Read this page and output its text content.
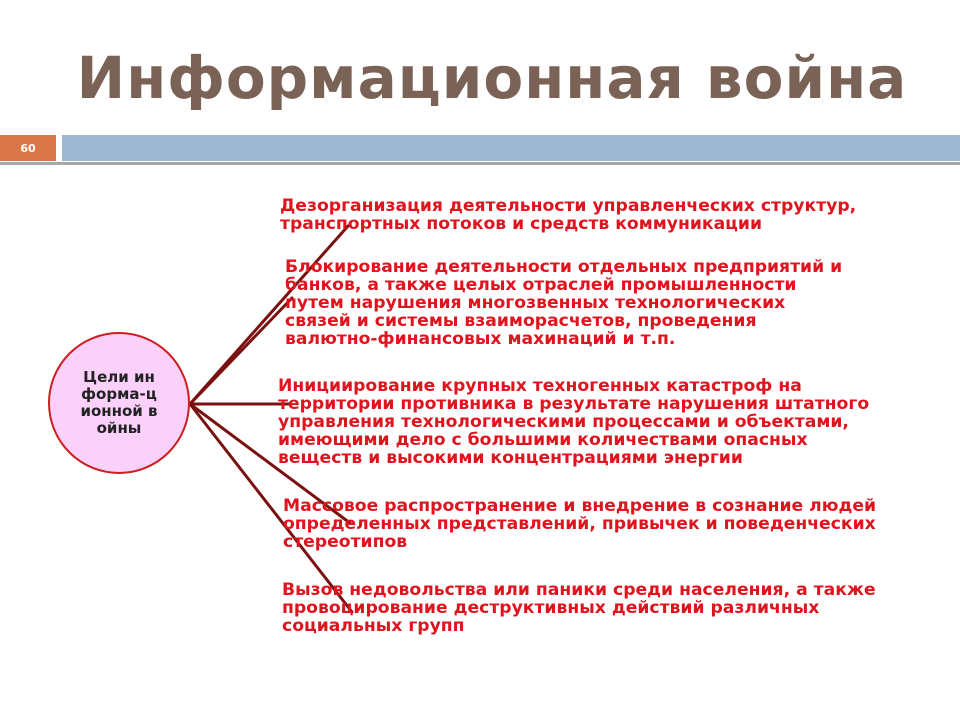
Информационная война
60
Цели информа-ционной войны
Дезорганизация деятельности управленческих структур,
транспортных потоков и средств коммуникации
Блокирование деятельности отдельных предприятий и
банков, а также целых отраслей промышленности
путем нарушения многозвенных технологических
связей и системы взаиморасчетов, проведения
валютно-финансовых махинаций и т.п.
Инициирование крупных техногенных катастроф на
территории противника в результате нарушения штатного
управления технологическими процессами и объектами,
имеющими дело с большими количествами опасных
веществ и высокими концентрациями энергии
Массовое распространение и внедрение в сознание людей
определенных представлений, привычек и поведенческих
стереотипов
Вызов недовольства или паники среди населения, а также
провоцирование деструктивных действий различных
социальных групп
